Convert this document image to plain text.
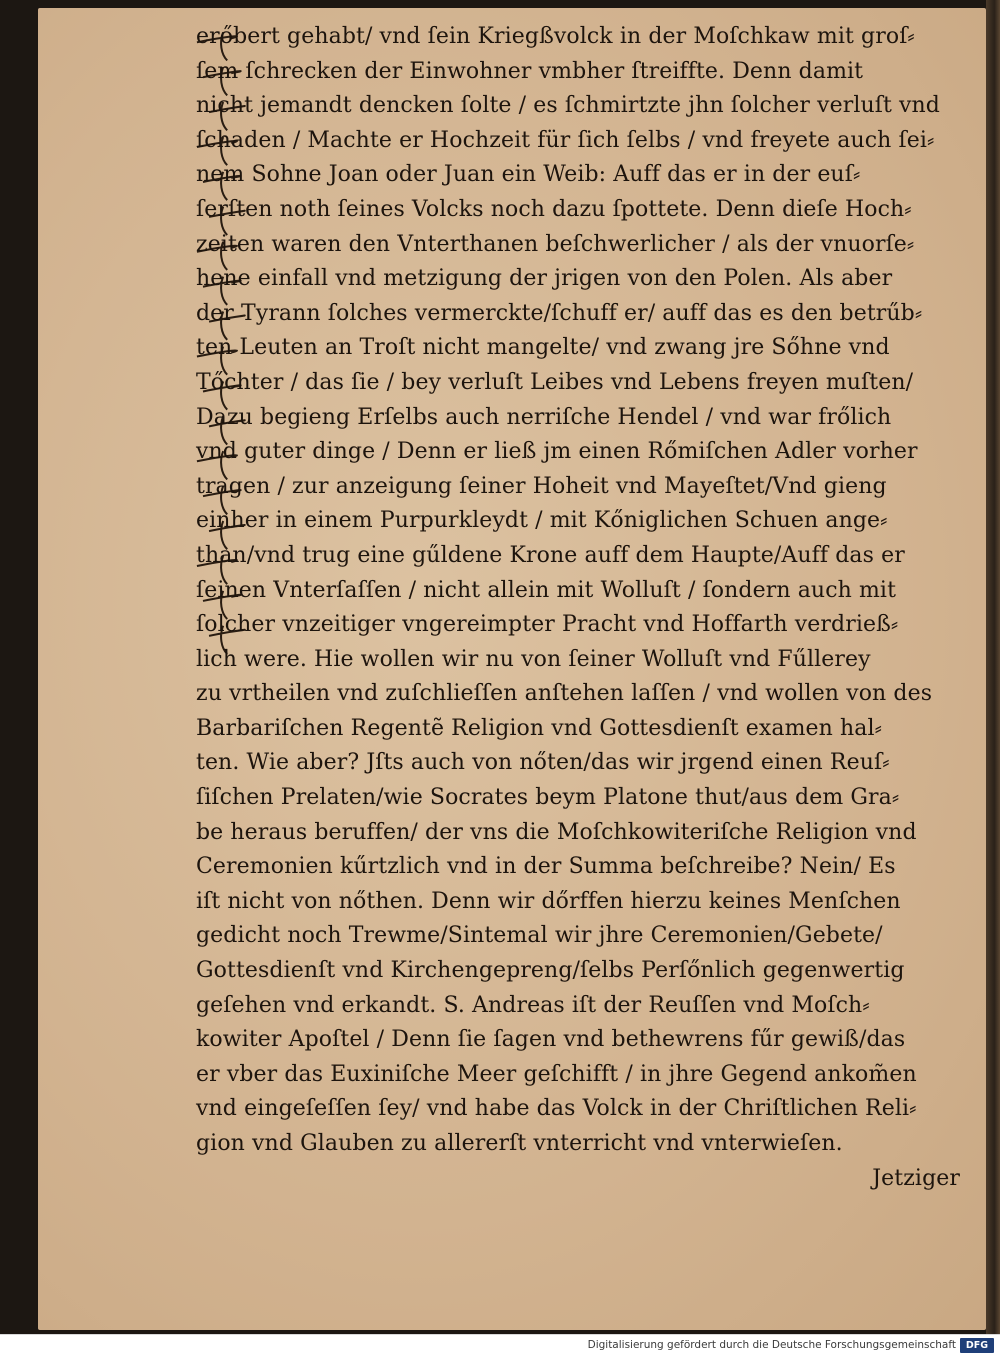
erőbert gehabt/ vnd ſein Kriegßvolck in der Moſchkaw mit groſ⸗
ſem ſchrecken der Einwohner vmbher ſtreiffte. Denn damit
nicht jemandt dencken ſolte / es ſchmirtzte jhn ſolcher verluſt vnd
ſchaden / Machte er Hochzeit für ſich ſelbs / vnd freyete auch ſei⸗
nem Sohne Joan oder Juan ein Weib: Auff das er in der euſ⸗
ſerſten noth ſeines Volcks noch dazu ſpottete. Denn dieſe Hoch⸗
zeiten waren den Vnterthanen beſchwerlicher / als der vnuorſe⸗
hene einfall vnd metzigung der jrigen von den Polen. Als aber
der Tyrann ſolches vermerckte/ſchuff er/ auff das es den betrűb⸗
ten Leuten an Troſt nicht mangelte/ vnd zwang jre Sőhne vnd
Tőchter / das ſie / bey verluſt Leibes vnd Lebens freyen muſten/
Dazu begieng Erſelbs auch nerriſche Hendel / vnd war frőlich
vnd guter dinge / Denn er ließ jm einen Rőmiſchen Adler vorher
tragen / zur anzeigung ſeiner Hoheit vnd Mayeſtet/Vnd gieng
einher in einem Purpurkleydt / mit Kőniglichen Schuen ange⸗
than/vnd trug eine gűldene Krone auff dem Haupte/Auff das er
ſeinen Vnterſaſſen / nicht allein mit Wolluſt / ſondern auch mit
ſolcher vnzeitiger vngereimpter Pracht vnd Hoffarth verdrieß⸗
lich were. Hie wollen wir nu von ſeiner Wolluſt vnd Fűllerey
zu vrtheilen vnd zuſchlieſſen anſtehen laſſen / vnd wollen von des
Barbariſchen Regentẽ Religion vnd Gottesdienſt examen hal⸗
ten. Wie aber? Jſts auch von nőten/das wir jrgend einen Reuſ⸗
ſiſchen Prelaten/wie Socrates beym Platone thut/aus dem Gra⸗
be heraus beruffen/ der vns die Moſchkowiteriſche Religion vnd
Ceremonien kűrtzlich vnd in der Summa beſchreibe? Nein/ Es
iſt nicht von nőthen. Denn wir dőrffen hierzu keines Menſchen
gedicht noch Trewme/Sintemal wir jhre Ceremonien/Gebete/
Gottesdienſt vnd Kirchengepreng/ſelbs Perſőnlich gegenwertig
geſehen vnd erkandt. S. Andreas iſt der Reuſſen vnd Moſch⸗
kowiter Apoſtel / Denn ſie ſagen vnd bethewrens fűr gewiß/das
er vber das Euxiniſche Meer geſchifft / in jhre Gegend ankom̃en
vnd eingeſeſſen ſey/ vnd habe das Volck in der Chriſtlichen Reli⸗
gion vnd Glauben zu allererſt vnterricht vnd vnterwieſen.
Jetziger
Digitalisierung gefördert durch die Deutsche Forschungsgemeinschaft	DFG
